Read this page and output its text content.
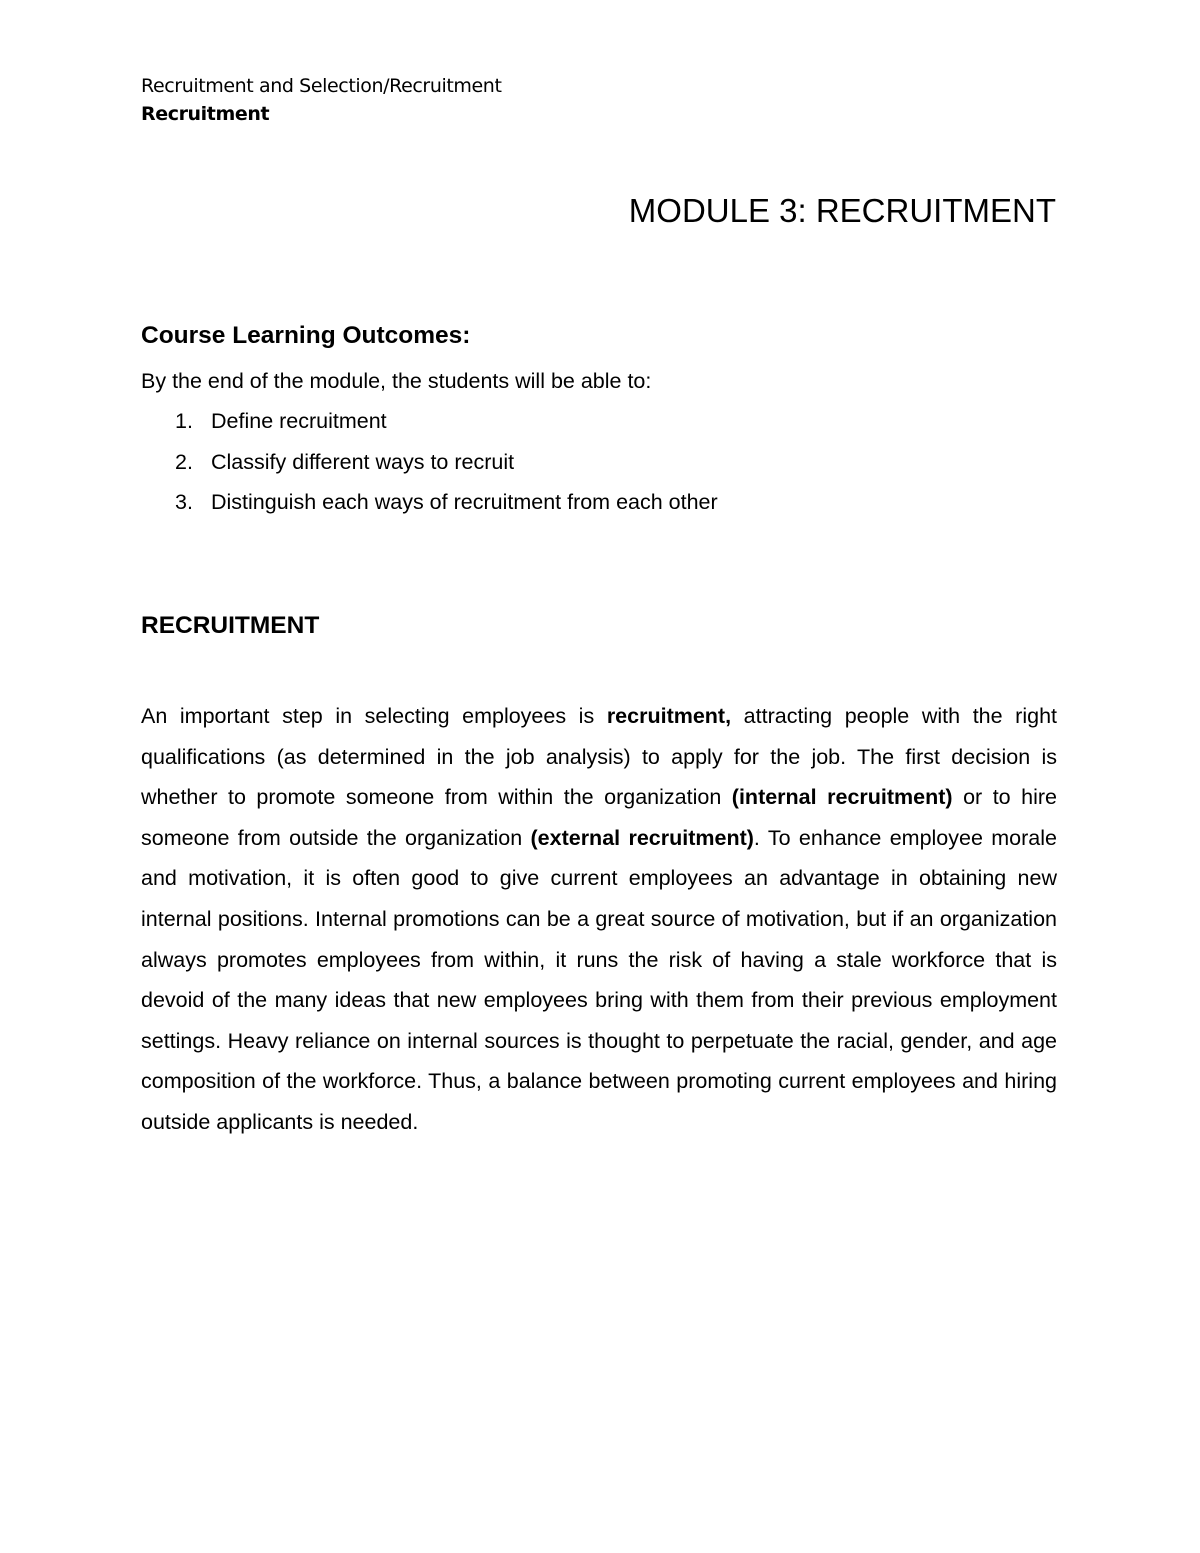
Recruitment and Selection/Recruitment
Recruitment
MODULE 3: RECRUITMENT
Course Learning Outcomes:

By the end of the module, the students will be able to:

1. Define recruitment
2. Classify different ways to recruit
3. Distinguish each ways of recruitment from each other
RECRUITMENT

An important step in selecting employees is recruitment, attracting people with the right qualifications (as determined in the job analysis) to apply for the job. The first decision is whether to promote someone from within the organization (internal recruitment) or to hire someone from outside the organization (external recruitment). To enhance employee morale and motivation, it is often good to give current employees an advantage in obtaining new internal positions. Internal promotions can be a great source of motivation, but if an organization always promotes employees from within, it runs the risk of having a stale workforce that is devoid of the many ideas that new employees bring with them from their previous employment settings. Heavy reliance on internal sources is thought to perpetuate the racial, gender, and age composition of the workforce. Thus, a balance between promoting current employees and hiring outside applicants is needed.
